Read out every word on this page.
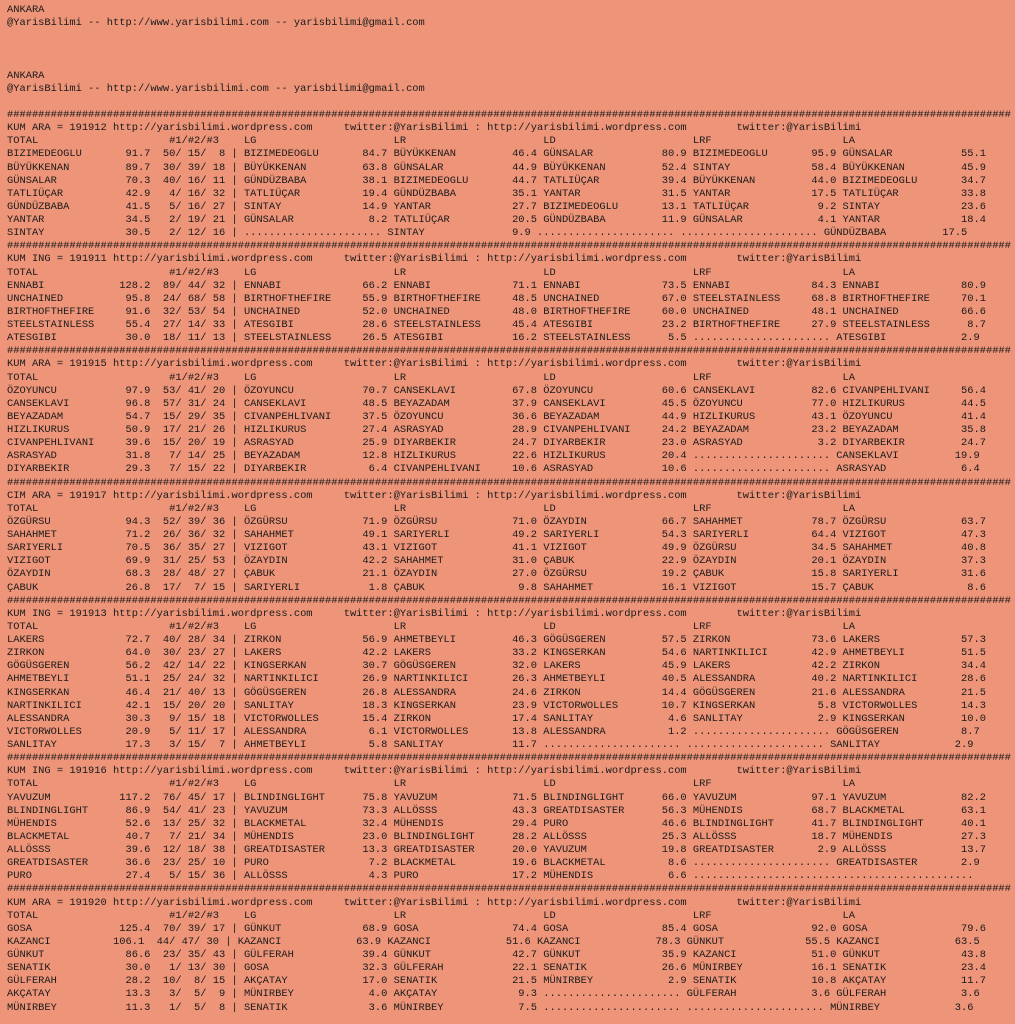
ANKARA
@YarisBilimi -- http://www.yarisbilimi.com -- yarisbilimi@gmail.com
ANKARA
@YarisBilimi -- http://www.yarisbilimi.com -- yarisbilimi@gmail.com
#################################################################################################################################################################
KUM ARA = 191912 http://yarisbilimi.wordpress.com     twitter:@YarisBilimi : http://yarisbilimi.wordpress.com        twitter:@YarisBilimi
TOTAL                     #1/#2/#3    LG                      LR                      LD                      LRF                     LA
BIZIMEDEOGLU       91.7  50/ 15/  8 | BIZIMEDEOGLU       84.7 BÜYÜKKENAN         46.4 GÜNSALAR           80.9 BIZIMEDEOGLU       95.9 GÜNSALAR           55.1
BÜYÜKKENAN         89.7  30/ 39/ 18 | BÜYÜKKENAN         63.8 GÜNSALAR           44.9 BÜYÜKKENAN         52.4 SINTAY             58.4 BÜYÜKKENAN         45.9
GÜNSALAR           70.3  40/ 16/ 11 | GÜNDÜZBABA         38.1 BIZIMEDEOGLU       44.7 TATLIÜÇAR          39.4 BÜYÜKKENAN         44.0 BIZIMEDEOGLU       34.7
TATLIÜÇAR          42.9   4/ 16/ 32 | TATLIÜÇAR          19.4 GÜNDÜZBABA         35.1 YANTAR             31.5 YANTAR             17.5 TATLIÜÇAR          33.8
GÜNDÜZBABA         41.5   5/ 16/ 27 | SINTAY             14.9 YANTAR             27.7 BIZIMEDEOGLU       13.1 TATLIÜÇAR           9.2 SINTAY             23.6
YANTAR             34.5   2/ 19/ 21 | GÜNSALAR            8.2 TATLIÜÇAR          20.5 GÜNDÜZBABA         11.9 GÜNSALAR            4.1 YANTAR             18.4
SINTAY             30.5   2/ 12/ 16 | ...................... SINTAY              9.9 ...................... ...................... GÜNDÜZBABA         17.5
#################################################################################################################################################################
KUM ING = 191911 http://yarisbilimi.wordpress.com     twitter:@YarisBilimi : http://yarisbilimi.wordpress.com        twitter:@YarisBilimi
TOTAL                     #1/#2/#3    LG                      LR                      LD                      LRF                     LA
ENNABI            128.2  89/ 44/ 32 | ENNABI             66.2 ENNABI             71.1 ENNABI             73.5 ENNABI             84.3 ENNABI             80.9
UNCHAINED          95.8  24/ 68/ 58 | BIRTHOFTHEFIRE     55.9 BIRTHOFTHEFIRE     48.5 UNCHAINED          67.0 STEELSTAINLESS     68.8 BIRTHOFTHEFIRE     70.1
BIRTHOFTHEFIRE     91.6  32/ 53/ 54 | UNCHAINED          52.0 UNCHAINED          48.0 BIRTHOFTHEFIRE     60.0 UNCHAINED          48.1 UNCHAINED          66.6
STEELSTAINLESS     55.4  27/ 14/ 33 | ATESGIBI           28.6 STEELSTAINLESS     45.4 ATESGIBI           23.2 BIRTHOFTHEFIRE     27.9 STEELSTAINLESS      8.7
ATESGIBI           30.0  18/ 11/ 13 | STEELSTAINLESS     26.5 ATESGIBI           16.2 STEELSTAINLESS      5.5 ...................... ATESGIBI            2.9
#################################################################################################################################################################
KUM ARA = 191915 http://yarisbilimi.wordpress.com     twitter:@YarisBilimi : http://yarisbilimi.wordpress.com        twitter:@YarisBilimi
TOTAL                     #1/#2/#3    LG                      LR                      LD                      LRF                     LA
ÖZOYUNCU           97.9  53/ 41/ 20 | ÖZOYUNCU           70.7 CANSEKLAVI         67.8 ÖZOYUNCU           60.6 CANSEKLAVI         82.6 CIVANPEHLIVANI     56.4
CANSEKLAVI         96.8  57/ 31/ 24 | CANSEKLAVI         48.5 BEYAZADAM          37.9 CANSEKLAVI         45.5 ÖZOYUNCU           77.0 HIZLIKURUS         44.5
BEYAZADAM          54.7  15/ 29/ 35 | CIVANPEHLIVANI     37.5 ÖZOYUNCU           36.6 BEYAZADAM          44.9 HIZLIKURUS         43.1 ÖZOYUNCU           41.4
HIZLIKURUS         50.9  17/ 21/ 26 | HIZLIKURUS         27.4 ASRASYAD           28.9 CIVANPEHLIVANI     24.2 BEYAZADAM          23.2 BEYAZADAM          35.8
CIVANPEHLIVANI     39.6  15/ 20/ 19 | ASRASYAD           25.9 DIYARBEKIR         24.7 DIYARBEKIR         23.0 ASRASYAD            3.2 DIYARBEKIR         24.7
ASRASYAD           31.8   7/ 14/ 25 | BEYAZADAM          12.8 HIZLIKURUS         22.6 HIZLIKURUS         20.4 ...................... CANSEKLAVI         19.9
DIYARBEKIR         29.3   7/ 15/ 22 | DIYARBEKIR          6.4 CIVANPEHLIVANI     10.6 ASRASYAD           10.6 ...................... ASRASYAD            6.4
#################################################################################################################################################################
CIM ARA = 191917 http://yarisbilimi.wordpress.com     twitter:@YarisBilimi : http://yarisbilimi.wordpress.com        twitter:@YarisBilimi
TOTAL                     #1/#2/#3    LG                      LR                      LD                      LRF                     LA
ÖZGÜRSU            94.3  52/ 39/ 36 | ÖZGÜRSU            71.9 ÖZGÜRSU            71.0 ÖZAYDIN            66.7 SAHAHMET           78.7 ÖZGÜRSU            63.7
SAHAHMET           71.2  26/ 36/ 32 | SAHAHMET           49.1 SARIYERLI          49.2 SARIYERLI          54.3 SARIYERLI          64.4 VIZIGOT            47.3
SARIYERLI          70.5  36/ 35/ 27 | VIZIGOT            43.1 VIZIGOT            41.1 VIZIGOT            49.9 ÖZGÜRSU            34.5 SAHAHMET           40.8
VIZIGOT            69.9  31/ 25/ 53 | ÖZAYDIN            42.2 SAHAHMET           31.0 ÇABUK              22.9 ÖZAYDIN            20.1 ÖZAYDIN            37.3
ÖZAYDIN            68.3  28/ 48/ 27 | ÇABUK              21.1 ÖZAYDIN            27.0 ÖZGÜRSU            19.2 ÇABUK              15.8 SARIYERLI          31.6
ÇABUK              26.8  17/  7/ 15 | SARIYERLI           1.8 ÇABUK               9.8 SAHAHMET           16.1 VIZIGOT            15.7 ÇABUK               8.6
#################################################################################################################################################################
KUM ING = 191913 http://yarisbilimi.wordpress.com     twitter:@YarisBilimi : http://yarisbilimi.wordpress.com        twitter:@YarisBilimi
TOTAL                     #1/#2/#3    LG                      LR                      LD                      LRF                     LA
LAKERS             72.7  40/ 28/ 34 | ZIRKON             56.9 AHMETBEYLI         46.3 GÖGÜSGEREN         57.5 ZIRKON             73.6 LAKERS             57.3
ZIRKON             64.0  30/ 23/ 27 | LAKERS             42.2 LAKERS             33.2 KINGSERKAN         54.6 NARTINKILICI       42.9 AHMETBEYLI         51.5
GÖGÜSGEREN         56.2  42/ 14/ 22 | KINGSERKAN         30.7 GÖGÜSGEREN         32.0 LAKERS             45.9 LAKERS             42.2 ZIRKON             34.4
AHMETBEYLI         51.1  25/ 24/ 32 | NARTINKILICI       26.9 NARTINKILICI       26.3 AHMETBEYLI         40.5 ALESSANDRA         40.2 NARTINKILICI       28.6
KINGSERKAN         46.4  21/ 40/ 13 | GÖGÜSGEREN         26.8 ALESSANDRA         24.6 ZIRKON             14.4 GÖGÜSGEREN         21.6 ALESSANDRA         21.5
NARTINKILICI       42.1  15/ 20/ 20 | SANLITAY           18.3 KINGSERKAN         23.9 VICTORWOLLES       10.7 KINGSERKAN          5.8 VICTORWOLLES       14.3
ALESSANDRA         30.3   9/ 15/ 18 | VICTORWOLLES       15.4 ZIRKON             17.4 SANLITAY            4.6 SANLITAY            2.9 KINGSERKAN         10.0
VICTORWOLLES       20.9   5/ 11/ 17 | ALESSANDRA          6.1 VICTORWOLLES       13.8 ALESSANDRA          1.2 ...................... GÖGÜSGEREN          8.7
SANLITAY           17.3   3/ 15/  7 | AHMETBEYLI          5.8 SANLITAY           11.7 ...................... ...................... SANLITAY            2.9
#################################################################################################################################################################
KUM ING = 191916 http://yarisbilimi.wordpress.com     twitter:@YarisBilimi : http://yarisbilimi.wordpress.com        twitter:@YarisBilimi
TOTAL                     #1/#2/#3    LG                      LR                      LD                      LRF                     LA
YAVUZUM           117.2  76/ 45/ 17 | BLINDINGLIGHT      75.8 YAVUZUM            71.5 BLINDINGLIGHT      66.0 YAVUZUM            97.1 YAVUZUM            82.2
BLINDINGLIGHT      86.9  54/ 41/ 23 | YAVUZUM            73.3 ALLÖSSS            43.3 GREATDISASTER      56.3 MÜHENDIS           68.7 BLACKMETAL         63.1
MÜHENDIS           52.6  13/ 25/ 32 | BLACKMETAL         32.4 MÜHENDIS           29.4 PURO               46.6 BLINDINGLIGHT      41.7 BLINDINGLIGHT      40.1
BLACKMETAL         40.7   7/ 21/ 34 | MÜHENDIS           23.0 BLINDINGLIGHT      28.2 ALLÖSSS            25.3 ALLÖSSS            18.7 MÜHENDIS           27.3
ALLÖSSS            39.6  12/ 18/ 38 | GREATDISASTER      13.3 GREATDISASTER      20.0 YAVUZUM            19.8 GREATDISASTER       2.9 ALLÖSSS            13.7
GREATDISASTER      36.6  23/ 25/ 10 | PURO                7.2 BLACKMETAL         19.6 BLACKMETAL          8.6 ...................... GREATDISASTER       2.9
PURO               27.4   5/ 15/ 36 | ALLÖSSS             4.3 PURO               17.2 MÜHENDIS            6.6 .............................................
#################################################################################################################################################################
KUM ARA = 191920 http://yarisbilimi.wordpress.com     twitter:@YarisBilimi : http://yarisbilimi.wordpress.com        twitter:@YarisBilimi
TOTAL                     #1/#2/#3    LG                      LR                      LD                      LRF                     LA
GOSA              125.4  70/ 39/ 17 | GÜNKUT             68.9 GOSA               74.4 GOSA               85.4 GOSA               92.0 GOSA               79.6
KAZANCI          106.1  44/ 47/ 30 | KAZANCI            63.9 KAZANCI            51.6 KAZANCI            78.3 GÜNKUT             55.5 KAZANCI            63.5
GÜNKUT             86.6  23/ 35/ 43 | GÜLFERAH           39.4 GÜNKUT             42.7 GÜNKUT             35.9 KAZANCI            51.0 GÜNKUT             43.8
SENATIK            30.0   1/ 13/ 30 | GOSA               32.3 GÜLFERAH           22.1 SENATIK            26.6 MÜNIRBEY           16.1 SENATIK            23.4
GÜLFERAH           28.2  10/  8/ 15 | AKÇATAY            17.0 SENATIK            21.5 MÜNIRBEY            2.9 SENATIK            10.8 AKÇATAY            11.7
AKÇATAY            13.3   3/  5/  9 | MÜNIRBEY            4.0 AKÇATAY             9.3 ...................... GÜLFERAH            3.6 GÜLFERAH            3.6
MÜNIRBEY           11.3   1/  5/  8 | SENATIK             3.6 MÜNIRBEY            7.5 ...................... ...................... MÜNIRBEY            3.6
